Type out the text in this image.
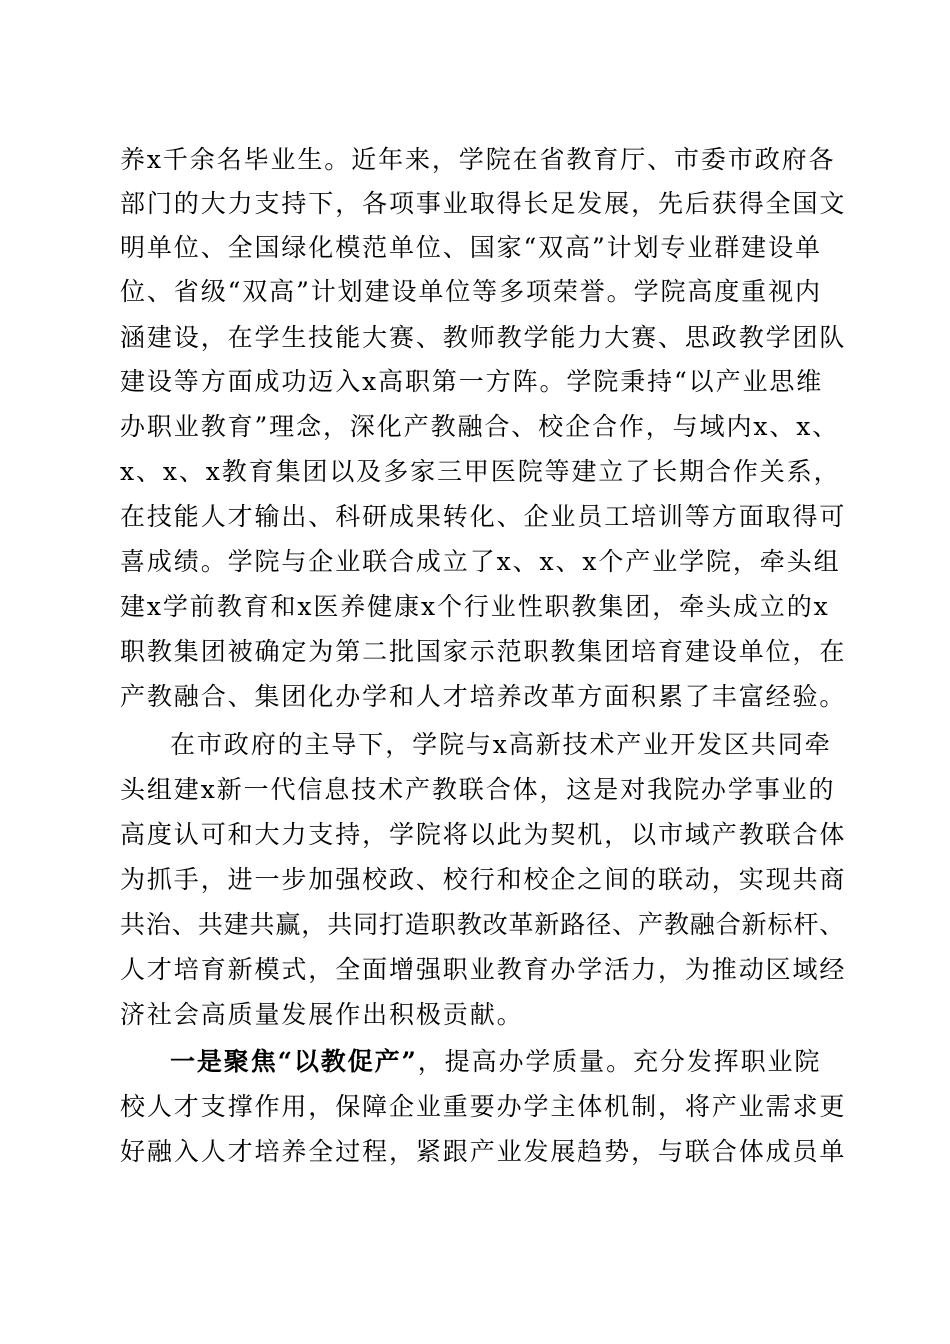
养x千余名毕业生。近年来，学院在省教育厅、市委市政府各
部门的大力支持下，各项事业取得长足发展，先后获得全国文
明单位、全国绿化模范单位、国家“双高”计划专业群建设单
位、省级“双高”计划建设单位等多项荣誉。学院高度重视内
涵建设，在学生技能大赛、教师教学能力大赛、思政教学团队
建设等方面成功迈入x高职第一方阵。学院秉持“以产业思维
办职业教育”理念，深化产教融合、校企合作，与域内x、x、
x、x、x教育集团以及多家三甲医院等建立了长期合作关系，
在技能人才输出、科研成果转化、企业员工培训等方面取得可
喜成绩。学院与企业联合成立了x、x、x个产业学院，牵头组
建x学前教育和x医养健康x个行业性职教集团，牵头成立的x
职教集团被确定为第二批国家示范职教集团培育建设单位，在
产教融合、集团化办学和人才培养改革方面积累了丰富经验。
在市政府的主导下，学院与x高新技术产业开发区共同牵
头组建x新一代信息技术产教联合体，这是对我院办学事业的
高度认可和大力支持，学院将以此为契机，以市域产教联合体
为抓手，进一步加强校政、校行和校企之间的联动，实现共商
共治、共建共赢，共同打造职教改革新路径、产教融合新标杆、
人才培育新模式，全面增强职业教育办学活力，为推动区域经
济社会高质量发展作出积极贡献。
一是聚焦“以教促产”，提高办学质量。充分发挥职业院
校人才支撑作用，保障企业重要办学主体机制，将产业需求更
好融入人才培养全过程，紧跟产业发展趋势，与联合体成员单
